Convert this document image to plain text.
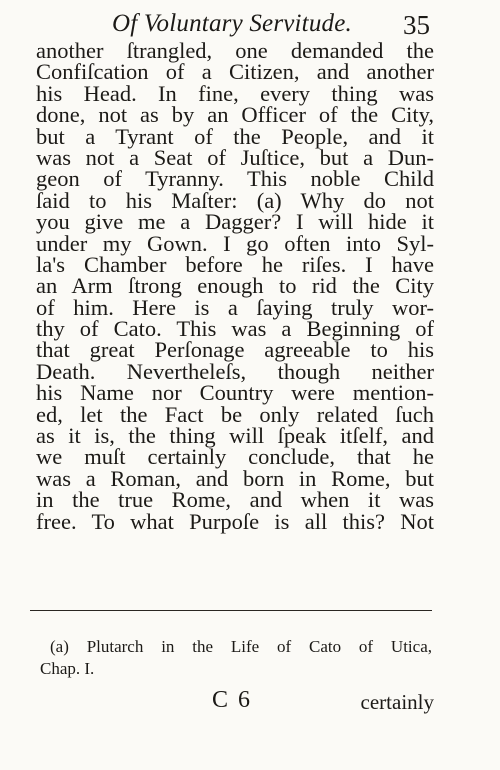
Of Voluntary Servitude. 35
another ſtrangled, one demanded the
Confiſcation of a Citizen, and another
his Head. In fine, every thing was
done, not as by an Officer of the City,
but a Tyrant of the People, and it
was not a Seat of Juſtice, but a Dun-
geon of Tyranny. This noble Child
ſaid to his Maſter: (a) Why do not
you give me a Dagger? I will hide it
under my Gown. I go often into Syl-
la's Chamber before he riſes. I have
an Arm ſtrong enough to rid the City
of him. Here is a ſaying truly wor-
thy of Cato. This was a Beginning of
that great Perſonage agreeable to his
Death. Nevertheleſs, though neither
his Name nor Country were mention-
ed, let the Fact be only related ſuch
as it is, the thing will ſpeak itſelf, and
we muſt certainly conclude, that he
was a Roman, and born in Rome, but
in the true Rome, and when it was
free. To what Purpoſe is all this? Not
(a) Plutarch in the Life of Cato of Utica,
Chap. I.
C 6	certainly
